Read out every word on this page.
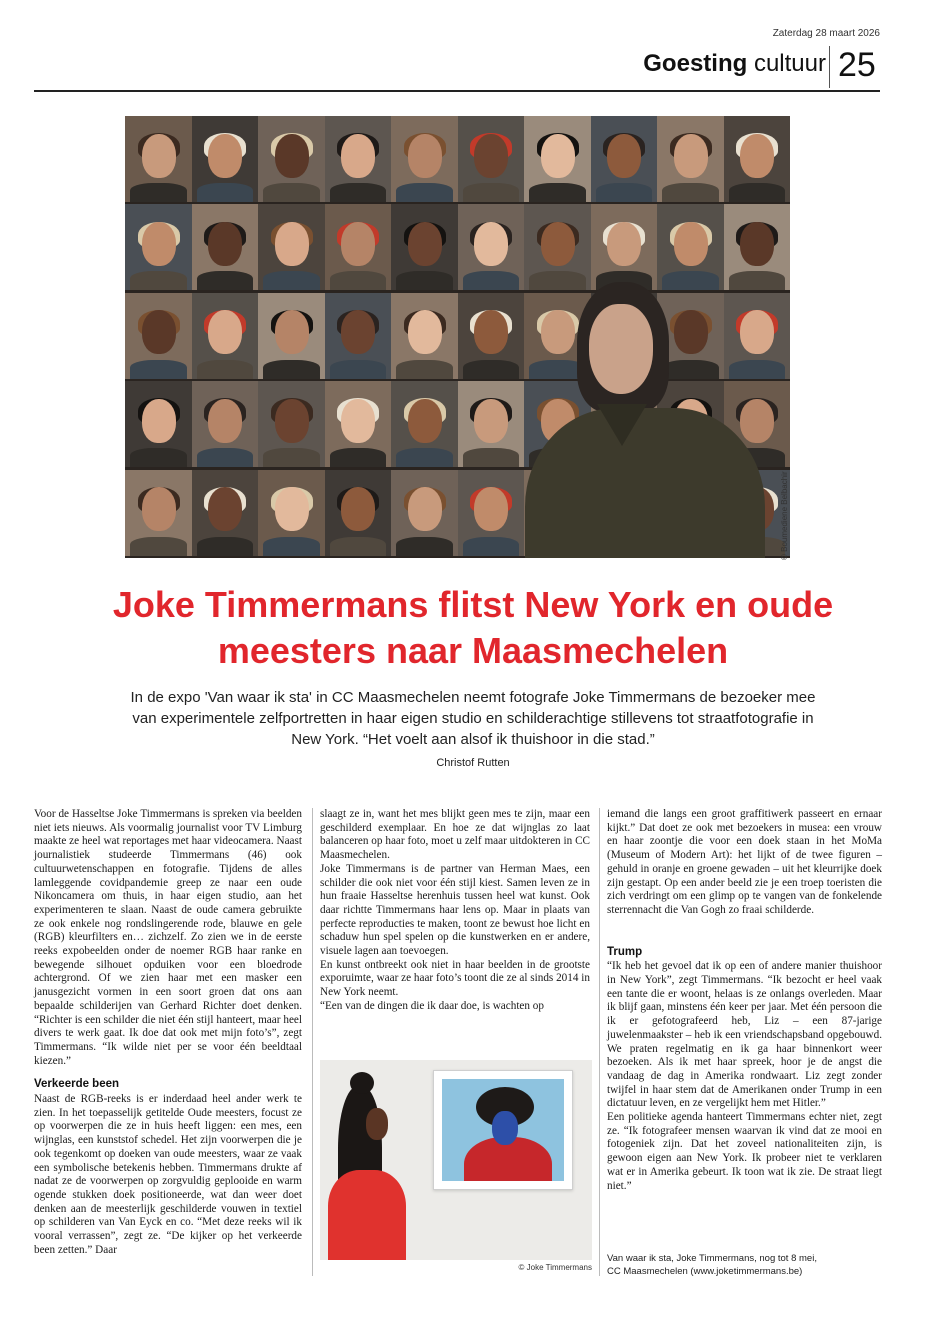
Zaterdag 28 maart 2026
Goesting cultuur 25
© Boumediene Belbachir
Joke Timmermans flitst New York en oude meesters naar Maasmechelen

In de expo 'Van waar ik sta' in CC Maasmechelen neemt fotografe Joke Timmermans de bezoeker mee van experimentele zelfportretten in haar eigen studio en schilderachtige stillevens tot straatfotografie in New York. “Het voelt aan alsof ik thuishoor in die stad.”

Christof Rutten

Voor de Hasseltse Joke Timmermans is spreken via beelden niet iets nieuws. Als voormalig journalist voor TV Limburg maakte ze heel wat reportages met haar videocamera. Naast journalistiek studeerde Timmermans (46) ook cultuurwetenschappen en fotografie. Tijdens de alles lamleggende covidpandemie greep ze naar een oude Nikoncamera om thuis, in haar eigen studio, aan het experimenteren te slaan. Naast de oude camera gebruikte ze ook enkele nog rondslingerende rode, blauwe en gele (RGB) kleurfilters en… zichzelf. Zo zien we in de eerste reeks expobeelden onder de noemer RGB haar ranke en bewegende silhouet opduiken voor een bloedrode achtergrond. Of we zien haar met een masker een janusgezicht vormen in een soort groen dat ons aan bepaalde schilderijen van Gerhard Richter doet denken. “Richter is een schilder die niet één stijl hanteert, maar heel divers te werk gaat. Ik doe dat ook met mijn foto’s”, zegt Timmermans. “Ik wilde niet per se voor één beeldtaal kiezen.”

Verkeerde been

Naast de RGB-reeks is er inderdaad heel ander werk te zien. In het toepasselijk getitelde Oude meesters, focust ze op voorwerpen die ze in huis heeft liggen: een mes, een wijnglas, een kunststof schedel. Het zijn voorwerpen die je ook tegenkomt op doeken van oude meesters, waar ze vaak een symbolische betekenis hebben. Timmermans drukte af nadat ze de voorwerpen op zorgvuldig geplooide en warm ogende stukken doek positioneerde, wat dan weer doet denken aan de meesterlijk geschilderde vouwen in textiel op schilderen van Van Eyck en co. “Met deze reeks wil ik vooral verrassen”, zegt ze. “De kijker op het verkeerde been zetten.” Daar

slaagt ze in, want het mes blijkt geen mes te zijn, maar een geschilderd exemplaar. En hoe ze dat wijnglas zo laat balanceren op haar foto, moet u zelf maar uitdokteren in CC Maasmechelen.

Joke Timmermans is de partner van Herman Maes, een schilder die ook niet voor één stijl kiest. Samen leven ze in hun fraaie Hasseltse herenhuis tussen heel wat kunst. Ook daar richtte Timmermans haar lens op. Maar in plaats van perfecte reproducties te maken, toont ze bewust hoe licht en schaduw hun spel spelen op die kunstwerken en er andere, visuele lagen aan toevoegen.

En kunst ontbreekt ook niet in haar beelden in de grootste exporuimte, waar ze haar foto’s toont die ze al sinds 2014 in New York neemt.

“Een van de dingen die ik daar doe, is wachten op

© Joke Timmermans

iemand die langs een groot graffitiwerk passeert en ernaar kijkt.” Dat doet ze ook met bezoekers in musea: een vrouw en haar zoontje die voor een doek staan in het MoMa (Museum of Modern Art): het lijkt of de twee figuren – gehuld in oranje en groene gewaden – uit het kleurrijke doek zijn gestapt. Op een ander beeld zie je een troep toeristen die zich verdringt om een glimp op te vangen van de fonkelende sterrennacht die Van Gogh zo fraai schilderde.

Trump

“Ik heb het gevoel dat ik op een of andere manier thuishoor in New York”, zegt Timmermans. “Ik bezocht er heel vaak een tante die er woont, helaas is ze onlangs overleden. Maar ik blijf gaan, minstens één keer per jaar. Met één persoon die ik er gefotografeerd heb, Liz – een 87-jarige juwelenmaakster – heb ik een vriendschapsband opgebouwd. We praten regelmatig en ik ga haar binnenkort weer bezoeken. Als ik met haar spreek, hoor je de angst die vandaag de dag in Amerika rondwaart. Liz zegt zonder twijfel in haar stem dat de Amerikanen onder Trump in een dictatuur leven, en ze vergelijkt hem met Hitler.”

Een politieke agenda hanteert Timmermans echter niet, zegt ze. “Ik fotografeer mensen waarvan ik vind dat ze mooi en fotogeniek zijn. Dat het zoveel nationaliteiten zijn, is gewoon eigen aan New York. Ik probeer niet te verklaren wat er in Amerika gebeurt. Ik toon wat ik zie. De straat liegt niet.”

Van waar ik sta, Joke Timmermans, nog tot 8 mei,
CC Maasmechelen (www.joketimmermans.be)
